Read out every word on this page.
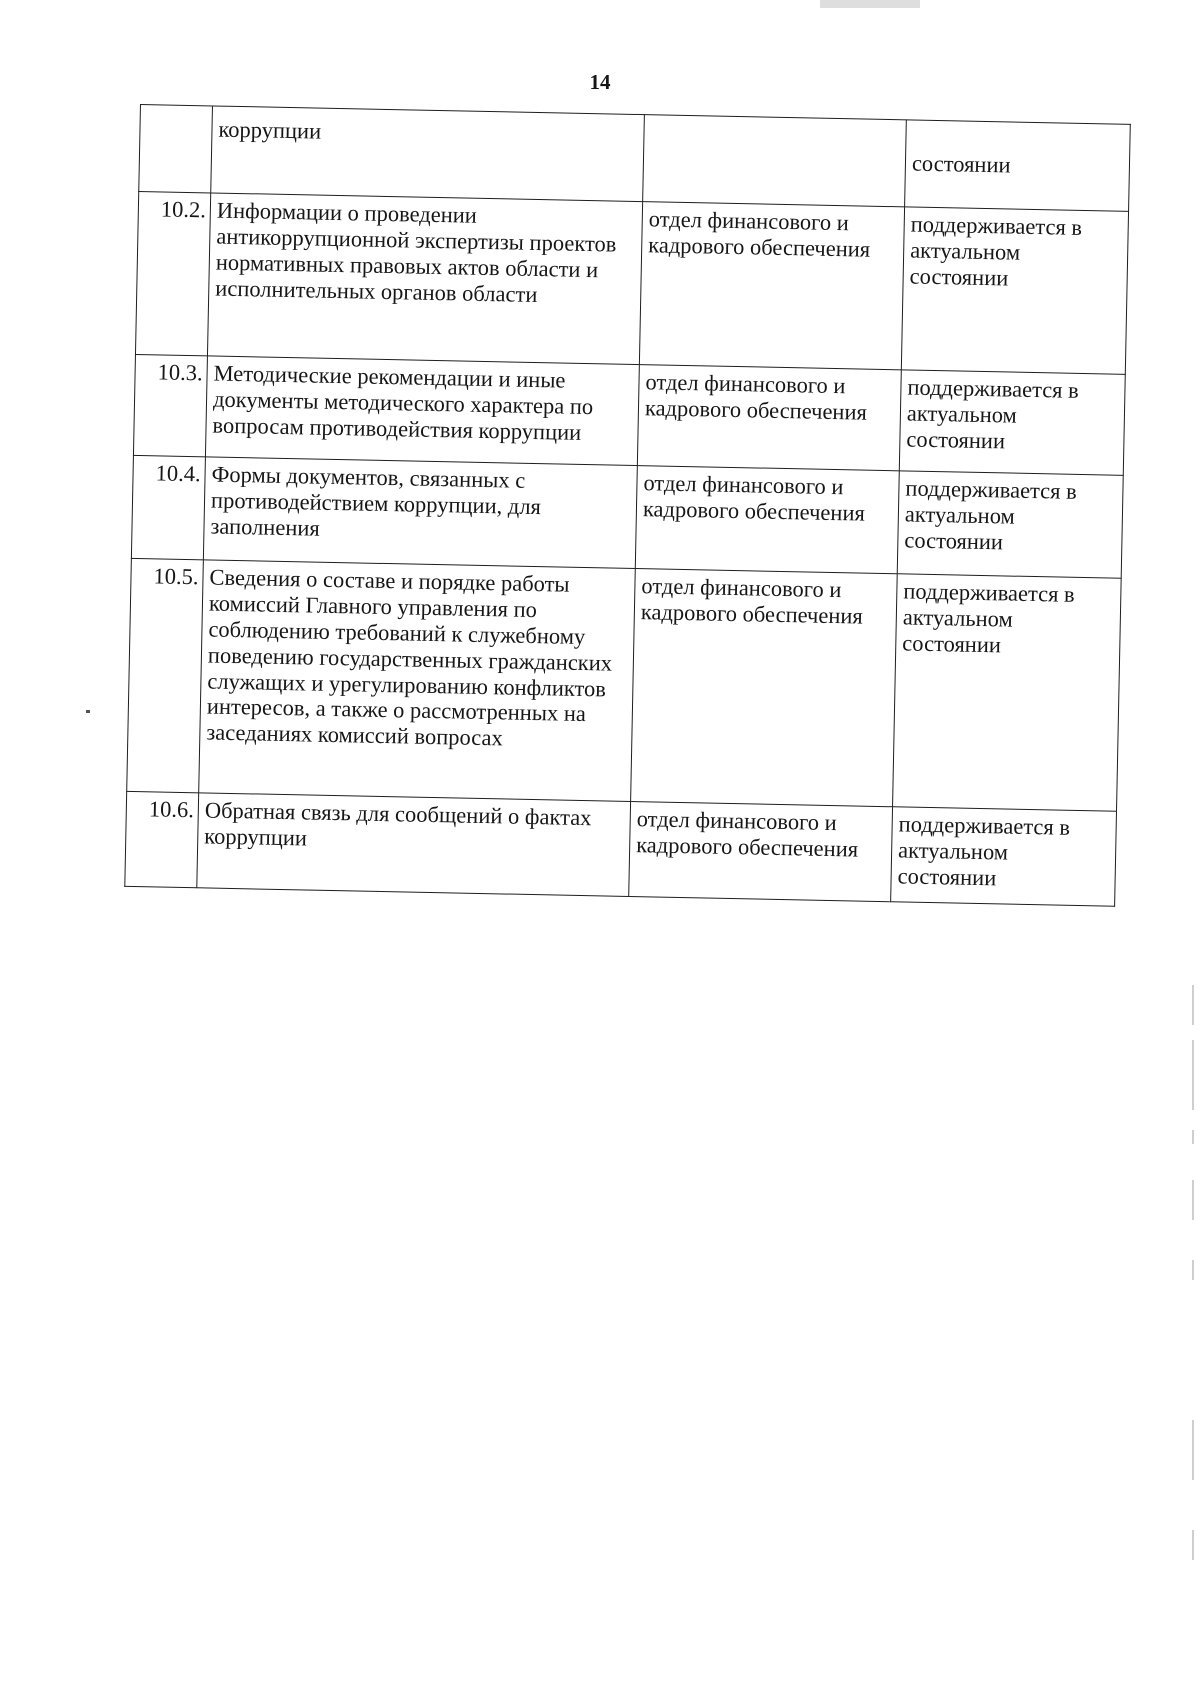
14
	коррупции		состоянии
10.2.	Информации о проведении антикоррупционной экспертизы проектов нормативных правовых актов области и исполнительных органов области	отдел финансового и кадрового обеспечения	поддерживается в актуальном состоянии
10.3.	Методические рекомендации и иные документы методического характера по вопросам противодействия коррупции	отдел финансового и кадрового обеспечения	поддерживается в актуальном состоянии
10.4.	Формы документов, связанных с противодействием коррупции, для заполнения	отдел финансового и кадрового обеспечения	поддерживается в актуальном состоянии
10.5.	Сведения о составе и порядке работы комиссий Главного управления по соблюдению требований к служебному поведению государственных гражданских служащих и урегулированию конфликтов интересов, а также о рассмотренных на заседаниях комиссий вопросах	отдел финансового и кадрового обеспечения	поддерживается в актуальном состоянии
10.6.	Обратная связь для сообщений о фактах коррупции	отдел финансового и кадрового обеспечения	поддерживается в актуальном состоянии
